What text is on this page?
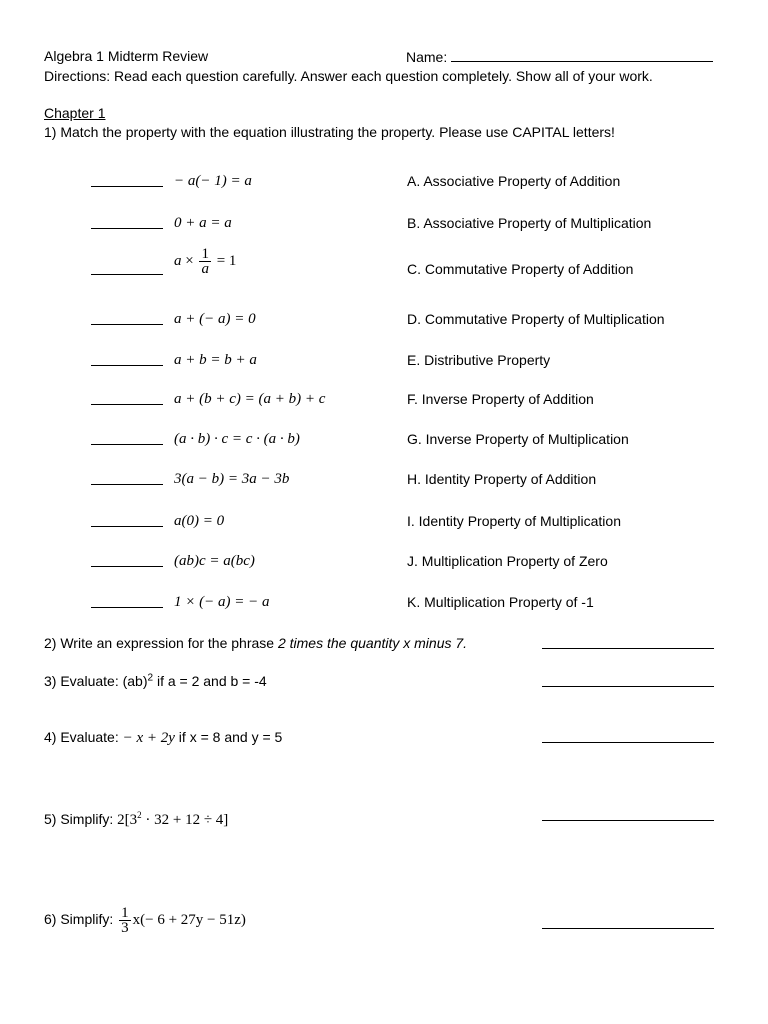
Algebra 1 Midterm Review	Name:
Directions: Read each question carefully. Answer each question completely. Show all of your work.
Chapter 1
1) Match the property with the equation illustrating the property. Please use CAPITAL letters!
− a(− 1) = a	A. Associative Property of Addition
0 + a = a	B. Associative Property of Multiplication
$a \times \frac{1}{a} = 1$	C. Commutative Property of Addition
a + (− a) = 0	D. Commutative Property of Multiplication
a + b = b + a	E. Distributive Property
a + (b + c) = (a + b) + c	F. Inverse Property of Addition
(a · b) · c = c · (a · b)	G. Inverse Property of Multiplication
3(a − b) = 3a − 3b	H. Identity Property of Addition
a(0) = 0	I. Identity Property of Multiplication
(ab)c = a(bc)	J. Multiplication Property of Zero
1 × (− a) = − a	K. Multiplication Property of -1
2) Write an expression for the phrase 2 times the quantity x minus 7.
3) Evaluate: (ab)$^2$ if a = 2 and b = -4
4) Evaluate: − x + 2y if x = 8 and y = 5
5) Simplify: $2[3^2 \cdot 32 + 12 \div 4]$
6) Simplify: $\frac{1}{3} x(- 6 + 27y - 51z)$
